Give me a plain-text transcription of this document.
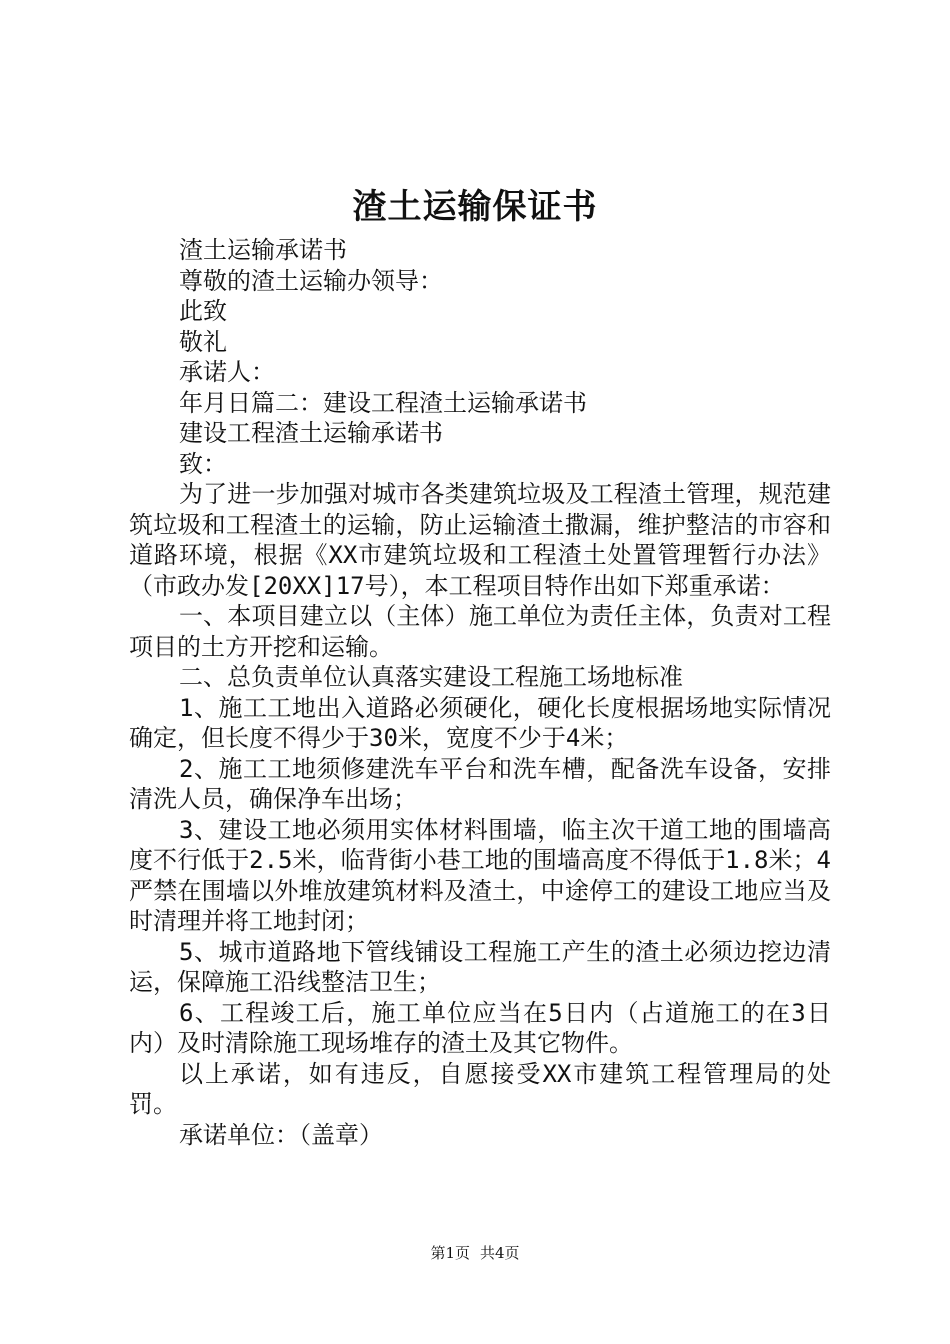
渣土运输保证书

渣土运输承诺书

尊敬的渣土运输办领导：

此致

敬礼

承诺人：

年月日篇二：建设工程渣土运输承诺书

建设工程渣土运输承诺书

致：

为了进一步加强对城市各类建筑垃圾及工程渣土管理，规范建筑垃圾和工程渣土的运输，防止运输渣土撒漏，维护整洁的市容和道路环境，根据《XX市建筑垃圾和工程渣土处置管理暂行办法》（市政办发[20XX]17号），本工程项目特作出如下郑重承诺：

一、本项目建立以（主体）施工单位为责任主体，负责对工程项目的土方开挖和运输。

二、总负责单位认真落实建设工程施工场地标准

1、施工工地出入道路必须硬化，硬化长度根据场地实际情况确定，但长度不得少于30米，宽度不少于4米；

2、施工工地须修建洗车平台和洗车槽，配备洗车设备，安排清洗人员，确保净车出场；

3、建设工地必须用实体材料围墙，临主次干道工地的围墙高度不行低于2.5米，临背街小巷工地的围墙高度不得低于1.8米；4严禁在围墙以外堆放建筑材料及渣土，中途停工的建设工地应当及时清理并将工地封闭；

5、城市道路地下管线铺设工程施工产生的渣土必须边挖边清运，保障施工沿线整洁卫生；

6、工程竣工后，施工单位应当在5日内（占道施工的在3日内）及时清除施工现场堆存的渣土及其它物件。

以上承诺，如有违反，自愿接受XX市建筑工程管理局的处罚。

承诺单位：（盖章）

第1页 共4页
